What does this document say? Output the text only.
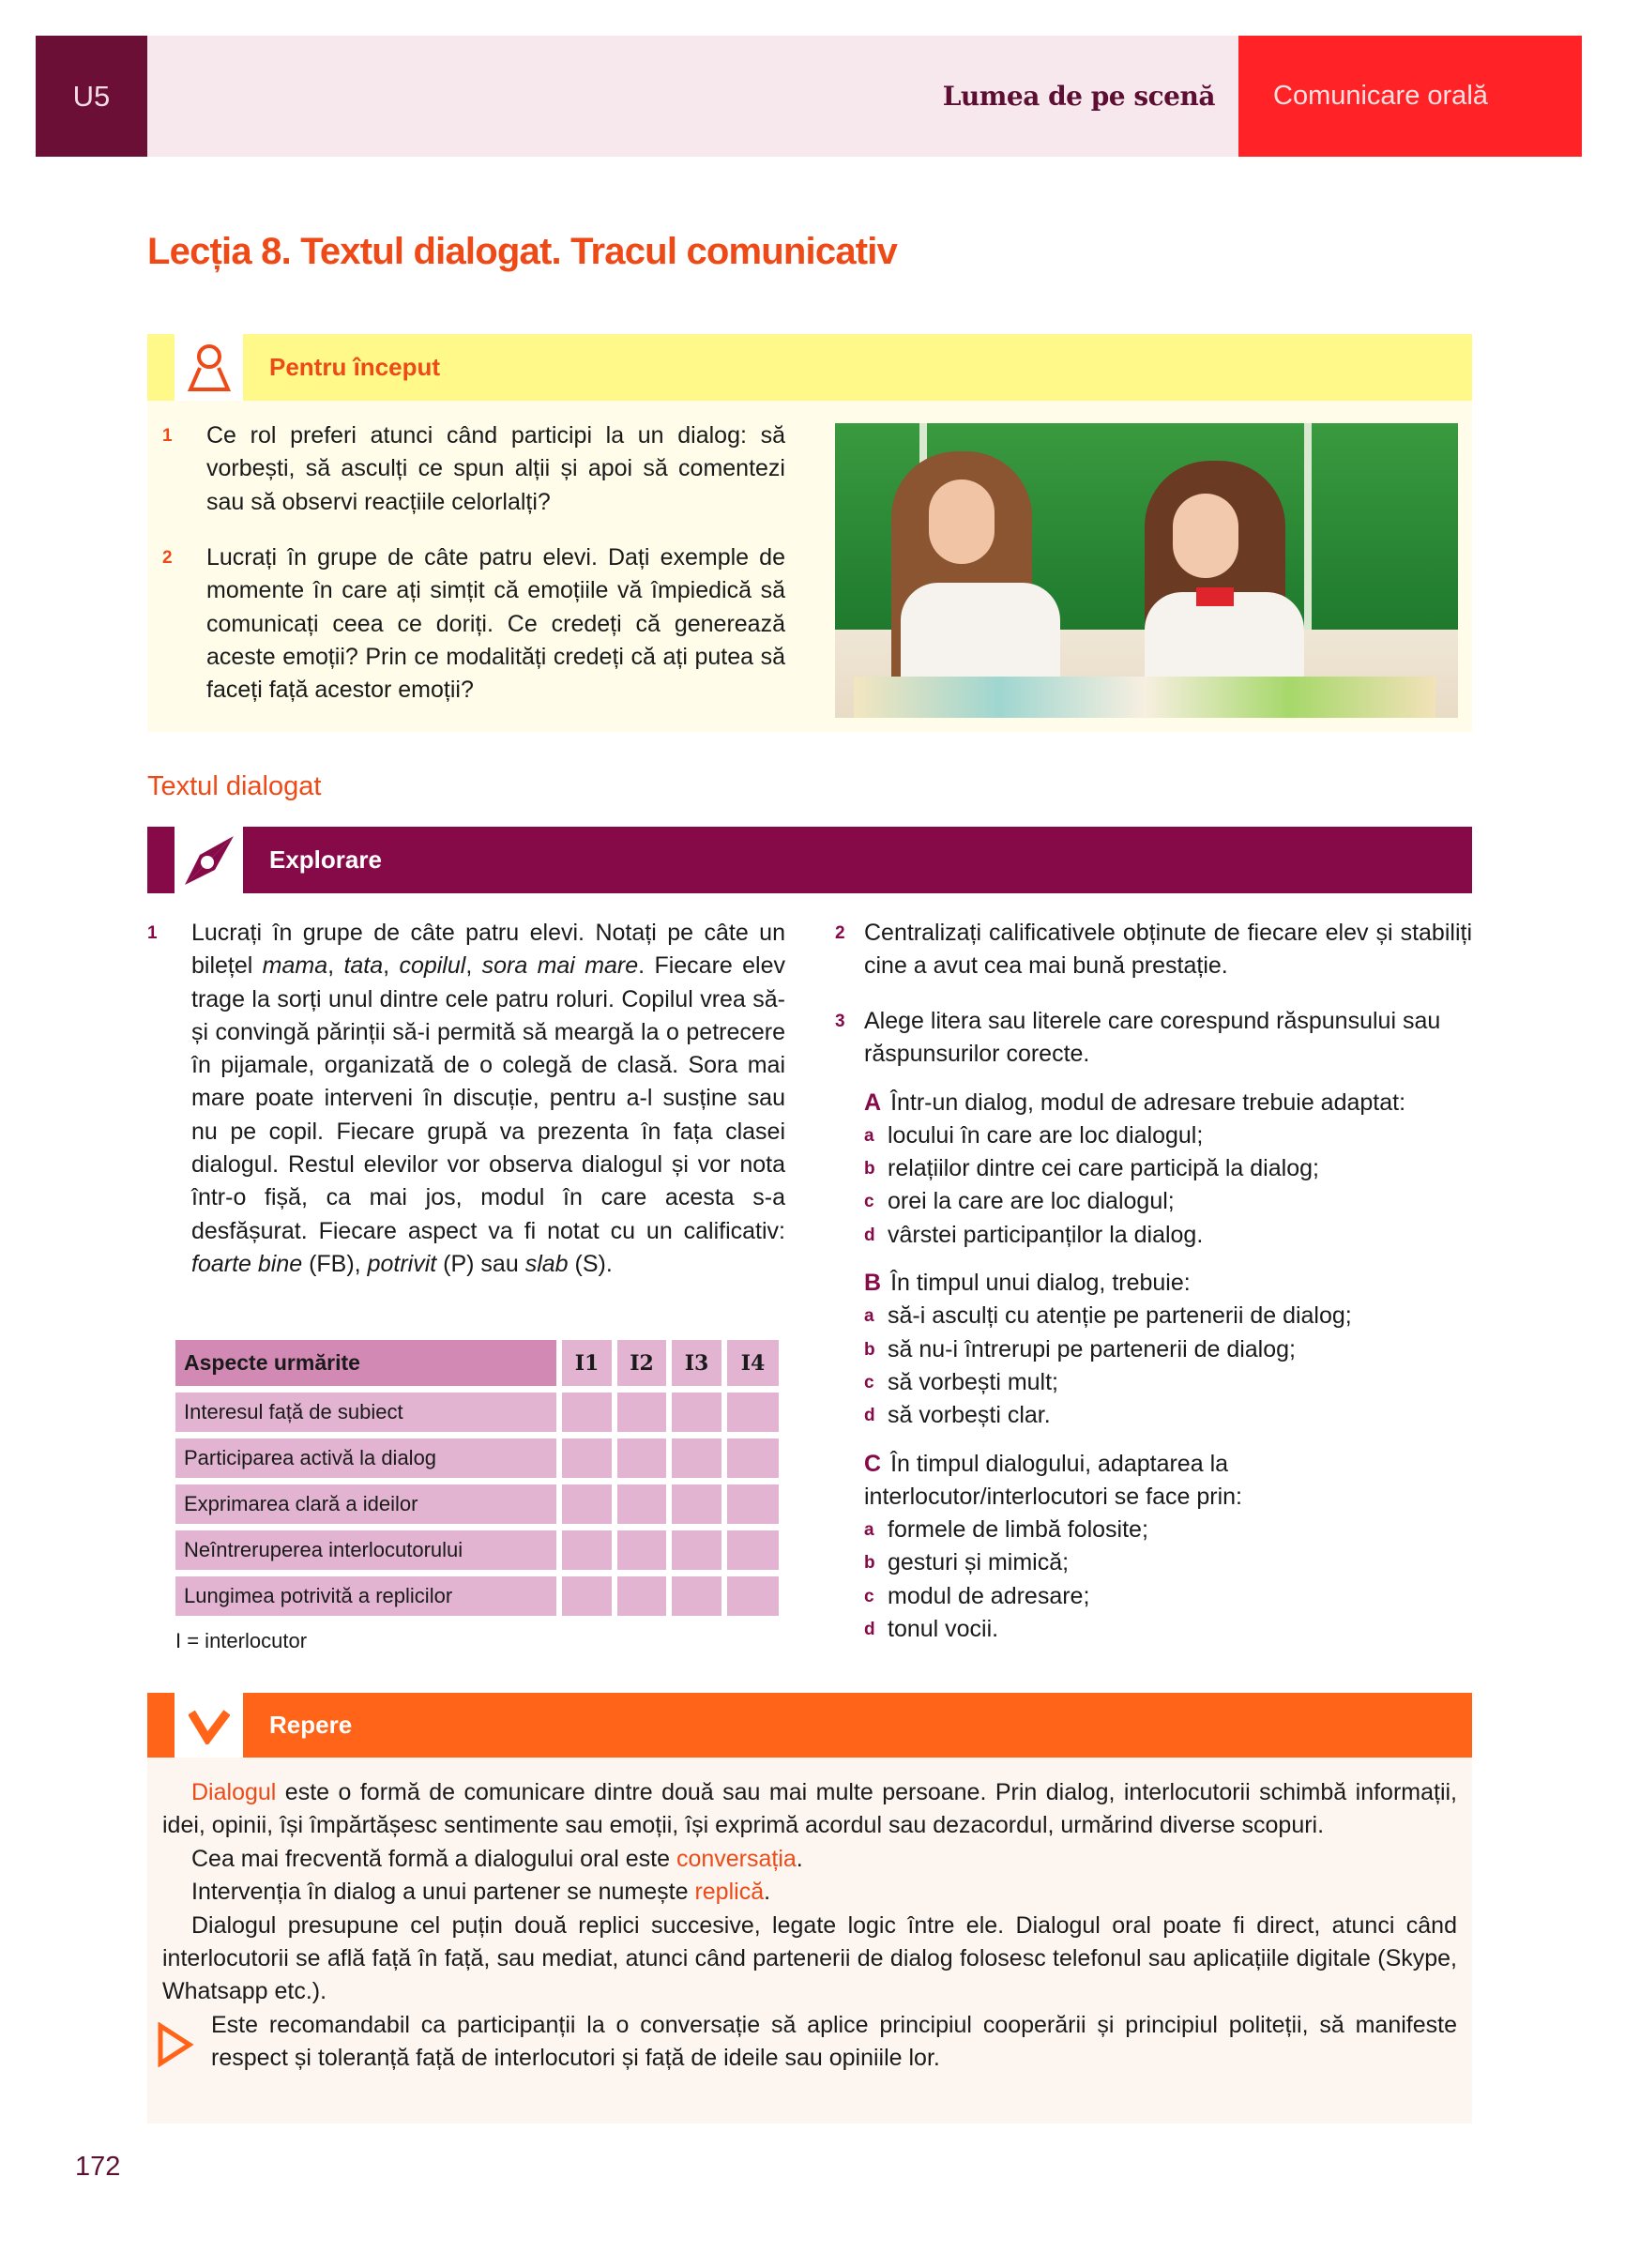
U5	Lumea de pe scenă	Comunicare orală
Lecția 8. Textul dialogat. Tracul comunicativ
Pentru început
1 Ce rol preferi atunci când participi la un dialog: să vorbești, să asculți ce spun alții și apoi să comentezi sau să observi reacțiile celorlalți?
2 Lucrați în grupe de câte patru elevi. Dați exemple de momente în care ați simțit că emoțiile vă împiedică să comunicați ceea ce doriți. Ce credeți că generează aceste emoții? Prin ce modalități credeți că ați putea să faceți față acestor emoții?
Textul dialogat
Explorare
1 Lucrați în grupe de câte patru elevi. Notați pe câte un bilețel mama, tata, copilul, sora mai mare. Fiecare elev trage la sorți unul dintre cele patru roluri. Copilul vrea să-și convingă părinții să-i permită să meargă la o petrecere în pijamale, organizată de o colegă de clasă. Sora mai mare poate interveni în discuție, pentru a-l susține sau nu pe copil. Fiecare grupă va prezenta în fața clasei dialogul. Restul elevilor vor observa dialogul și vor nota într-o fișă, ca mai jos, modul în care acesta s-a desfășurat. Fiecare aspect va fi notat cu un calificativ: foarte bine (FB), potrivit (P) sau slab (S).
Aspecte urmărite	I1	I2	I3	I4
Interesul față de subiect
Participarea activă la dialog
Exprimarea clară a ideilor
Neîntreruperea interlocutorului
Lungimea potrivită a replicilor
I = interlocutor
2 Centralizați calificativele obținute de fiecare elev și stabiliți cine a avut cea mai bună prestație.
3 Alege litera sau literele care corespund răspunsului sau răspunsurilor corecte.
A Într-un dialog, modul de adresare trebuie adaptat:
a locului în care are loc dialogul;
b relațiilor dintre cei care participă la dialog;
c orei la care are loc dialogul;
d vârstei participanților la dialog.
B În timpul unui dialog, trebuie:
a să-i asculți cu atenție pe partenerii de dialog;
b să nu-i întrerupi pe partenerii de dialog;
c să vorbești mult;
d să vorbești clar.
C În timpul dialogului, adaptarea la interlocutor/interlocutori se face prin:
a formele de limbă folosite;
b gesturi și mimică;
c modul de adresare;
d tonul vocii.
Repere

Dialogul este o formă de comunicare dintre două sau mai multe persoane. Prin dialog, interlocutorii schimbă informații, idei, opinii, își împărtășesc sentimente sau emoții, își exprimă acordul sau dezacordul, urmărind diverse scopuri.

Cea mai frecventă formă a dialogului oral este conversația.

Intervenția în dialog a unui partener se numește replică.

Dialogul presupune cel puțin două replici succesive, legate logic între ele. Dialogul oral poate fi direct, atunci când interlocutorii se află față în față, sau mediat, atunci când partenerii de dialog folosesc telefonul sau aplicațiile digitale (Skype, Whatsapp etc.).

Este recomandabil ca participanții la o conversație să aplice principiul cooperării și principiul politeții, să manifeste respect și toleranță față de interlocutori și față de ideile sau opiniile lor.

172
